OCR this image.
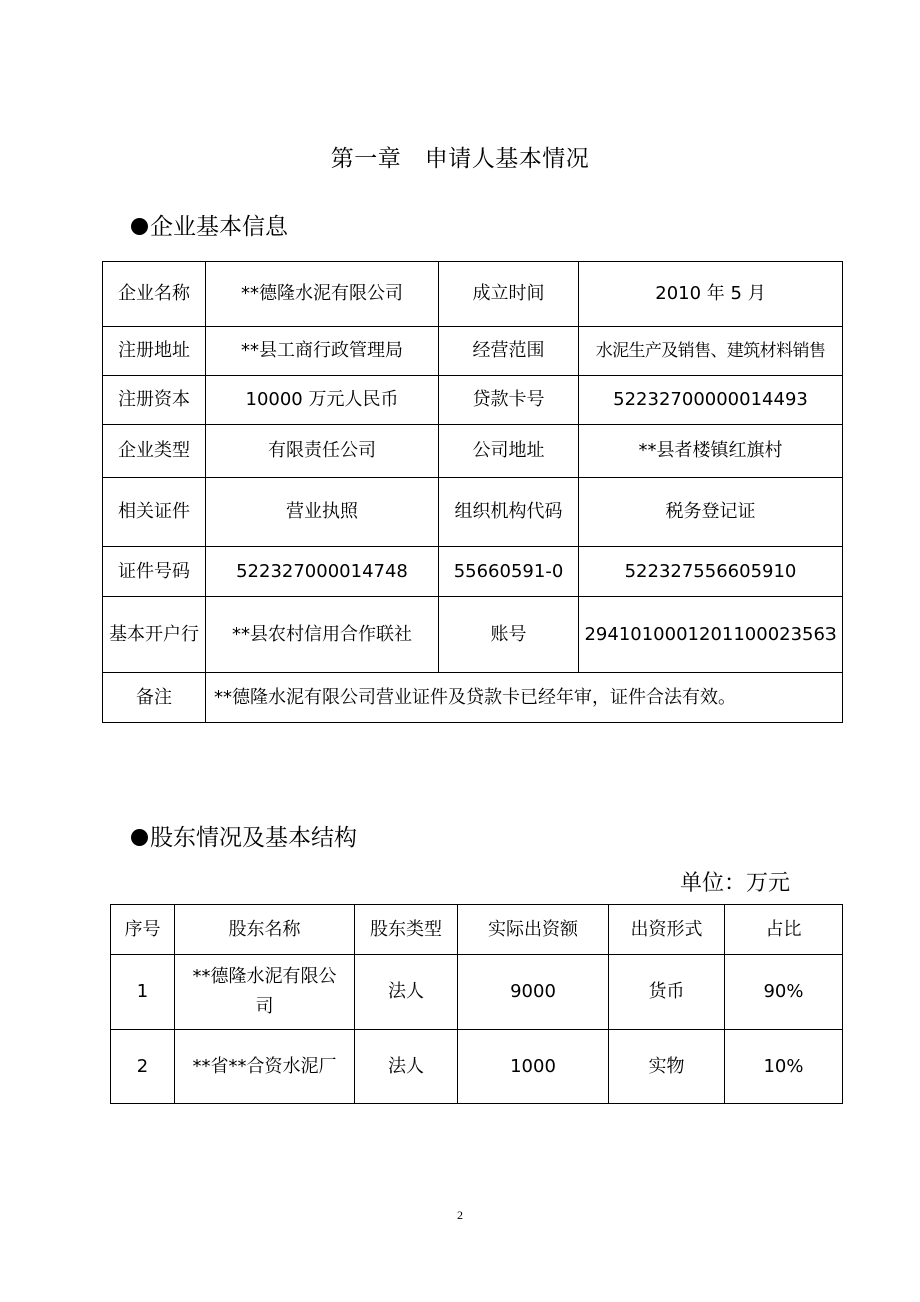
第一章　申请人基本情况
企业基本信息
企业名称	**德隆水泥有限公司	成立时间	2010 年 5 月
注册地址	**县工商行政管理局	经营范围	水泥生产及销售、建筑材料销售
注册资本	10000 万元人民币	贷款卡号	52232700000014493
企业类型	有限责任公司	公司地址	**县者楼镇红旗村
相关证件	营业执照	组织机构代码	税务登记证
证件号码	522327000014748	55660591-0	522327556605910
基本开户行	**县农村信用合作联社	账号	294101000120110002356З
备注	**德隆水泥有限公司营业证件及贷款卡已经年审，证件合法有效。		
股东情况及基本结构
单位：万元
序号	股东名称	股东类型	实际出资额	出资形式	占比
1	**德隆水泥有限公司	法人	9000	货币	90%
2	**省**合资水泥厂	法人	1000	实物	10%
2
